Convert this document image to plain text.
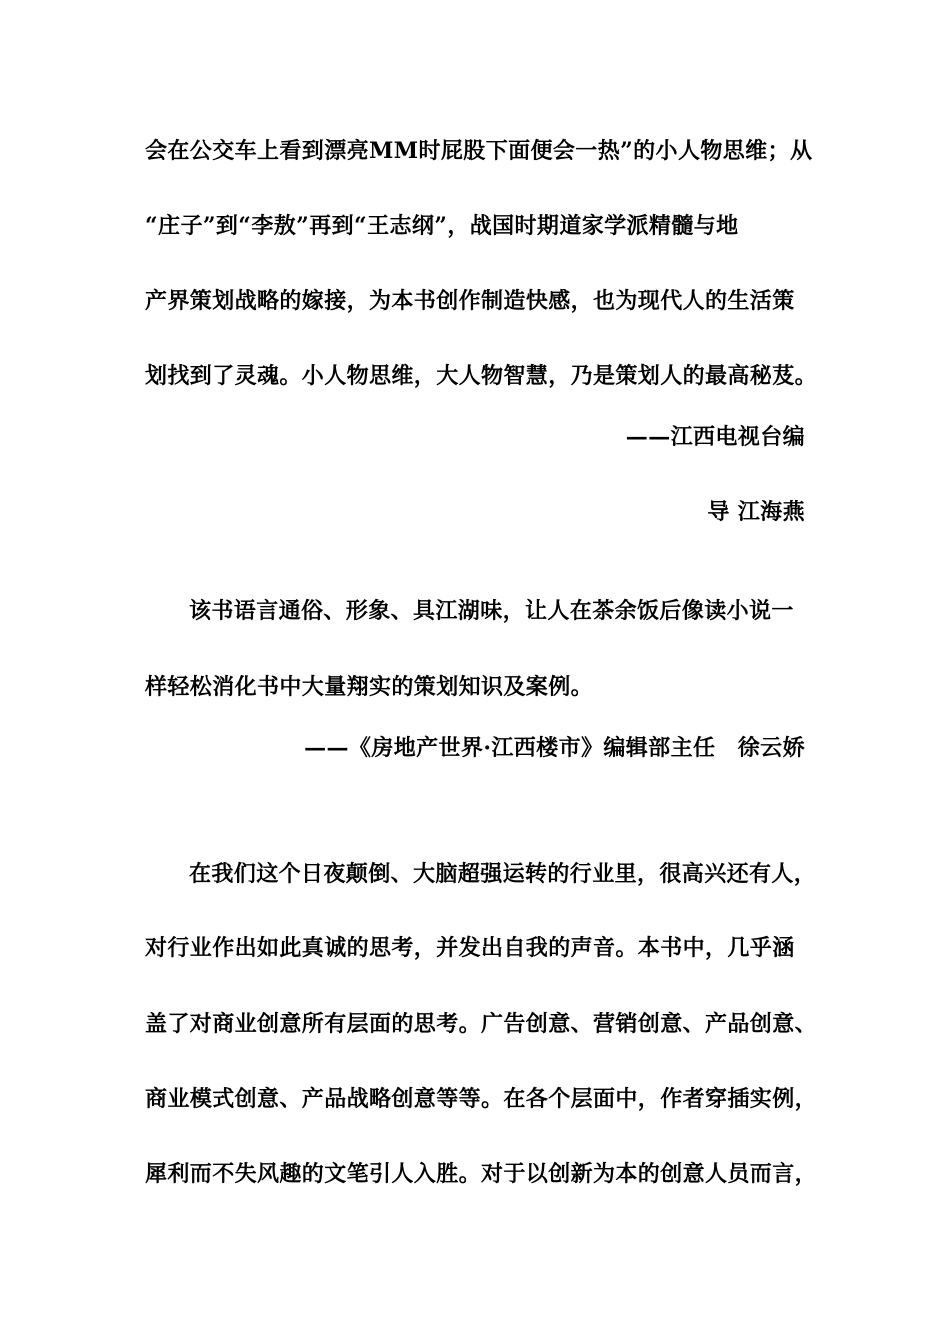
会在公交车上看到漂亮MM时屁股下面便会一热”的小人物思维；从
“庄子”到“李敖”再到“王志纲”，战国时期道家学派精髓与地
产界策划战略的嫁接，为本书创作制造快感，也为现代人的生活策
划找到了灵魂。小人物思维，大人物智慧，乃是策划人的最高秘芨。
——江西电视台编
导 江海燕
该书语言通俗、形象、具江湖味，让人在茶余饭后像读小说一
样轻松消化书中大量翔实的策划知识及案例。
——《房地产世界·江西楼市》编辑部主任　徐云娇
在我们这个日夜颠倒、大脑超强运转的行业里，很高兴还有人，
对行业作出如此真诚的思考，并发出自我的声音。本书中，几乎涵
盖了对商业创意所有层面的思考。广告创意、营销创意、产品创意、
商业模式创意、产品战略创意等等。在各个层面中，作者穿插实例，
犀利而不失风趣的文笔引人入胜。对于以创新为本的创意人员而言，
